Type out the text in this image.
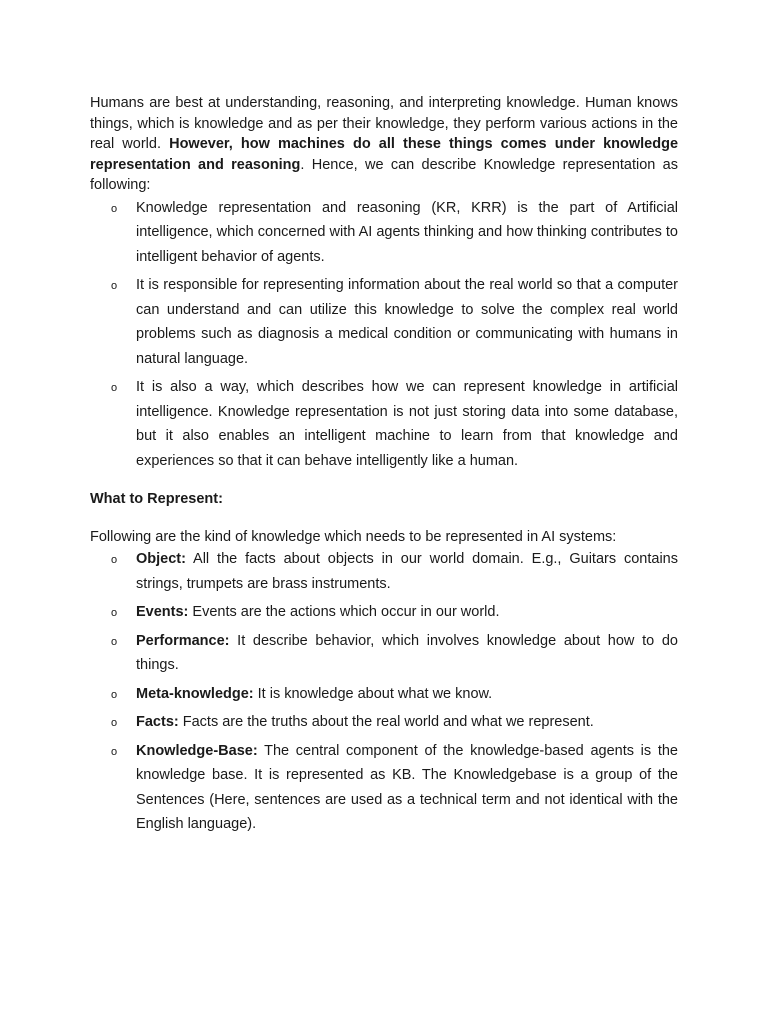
Humans are best at understanding, reasoning, and interpreting knowledge. Human knows things, which is knowledge and as per their knowledge, they perform various actions in the real world. However, how machines do all these things comes under knowledge representation and reasoning. Hence, we can describe Knowledge representation as following:

o Knowledge representation and reasoning (KR, KRR) is the part of Artificial intelligence, which concerned with AI agents thinking and how thinking contributes to intelligent behavior of agents.
o It is responsible for representing information about the real world so that a computer can understand and can utilize this knowledge to solve the complex real world problems such as diagnosis a medical condition or communicating with humans in natural language.
o It is also a way, which describes how we can represent knowledge in artificial intelligence. Knowledge representation is not just storing data into some database, but it also enables an intelligent machine to learn from that knowledge and experiences so that it can behave intelligently like a human.

What to Represent:

Following are the kind of knowledge which needs to be represented in AI systems:

o Object: All the facts about objects in our world domain. E.g., Guitars contains strings, trumpets are brass instruments.
o Events: Events are the actions which occur in our world.
o Performance: It describe behavior, which involves knowledge about how to do things.
o Meta-knowledge: It is knowledge about what we know.
o Facts: Facts are the truths about the real world and what we represent.
o Knowledge-Base: The central component of the knowledge-based agents is the knowledge base. It is represented as KB. The Knowledgebase is a group of the Sentences (Here, sentences are used as a technical term and not identical with the English language).
